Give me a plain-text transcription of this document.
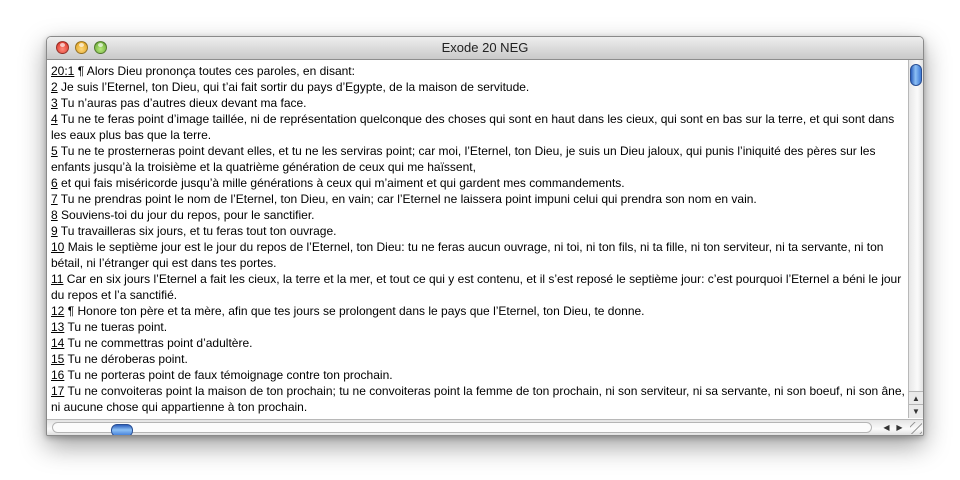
Exode 20 NEG

20:1 ¶ Alors Dieu prononça toutes ces paroles, en disant:

2 Je suis l’Eternel, ton Dieu, qui t’ai fait sortir du pays d’Egypte, de la maison de servitude.

3 Tu n’auras pas d’autres dieux devant ma face.

4 Tu ne te feras point d’image taillée, ni de représentation quelconque des choses qui sont en haut dans les cieux, qui sont en bas sur la terre, et qui sont dans les eaux plus bas que la terre.

5 Tu ne te prosterneras point devant elles, et tu ne les serviras point; car moi, l’Eternel, ton Dieu, je suis un Dieu jaloux, qui punis l’iniquité des pères sur les enfants jusqu’à la troisième et la quatrième génération de ceux qui me haïssent,

6 et qui fais miséricorde jusqu’à mille générations à ceux qui m’aiment et qui gardent mes commandements.

7 Tu ne prendras point le nom de l’Eternel, ton Dieu, en vain; car l’Eternel ne laissera point impuni celui qui prendra son nom en vain.

8 Souviens-toi du jour du repos, pour le sanctifier.

9 Tu travailleras six jours, et tu feras tout ton ouvrage.

10 Mais le septième jour est le jour du repos de l’Eternel, ton Dieu: tu ne feras aucun ouvrage, ni toi, ni ton fils, ni ta fille, ni ton serviteur, ni ta servante, ni ton bétail, ni l’étranger qui est dans tes portes.

11 Car en six jours l’Eternel a fait les cieux, la terre et la mer, et tout ce qui y est contenu, et il s’est reposé le septième jour: c’est pourquoi l’Eternel a béni le jour du repos et l’a sanctifié.

12 ¶ Honore ton père et ta mère, afin que tes jours se prolongent dans le pays que l’Eternel, ton Dieu, te donne.

13 Tu ne tueras point.

14 Tu ne commettras point d’adultère.

15 Tu ne déroberas point.

16 Tu ne porteras point de faux témoignage contre ton prochain.

17 Tu ne convoiteras point la maison de ton prochain; tu ne convoiteras point la femme de ton prochain, ni son serviteur, ni sa servante, ni son boeuf, ni son âne, ni aucune chose qui appartienne à ton prochain.

▲
▼
◀ ▶
